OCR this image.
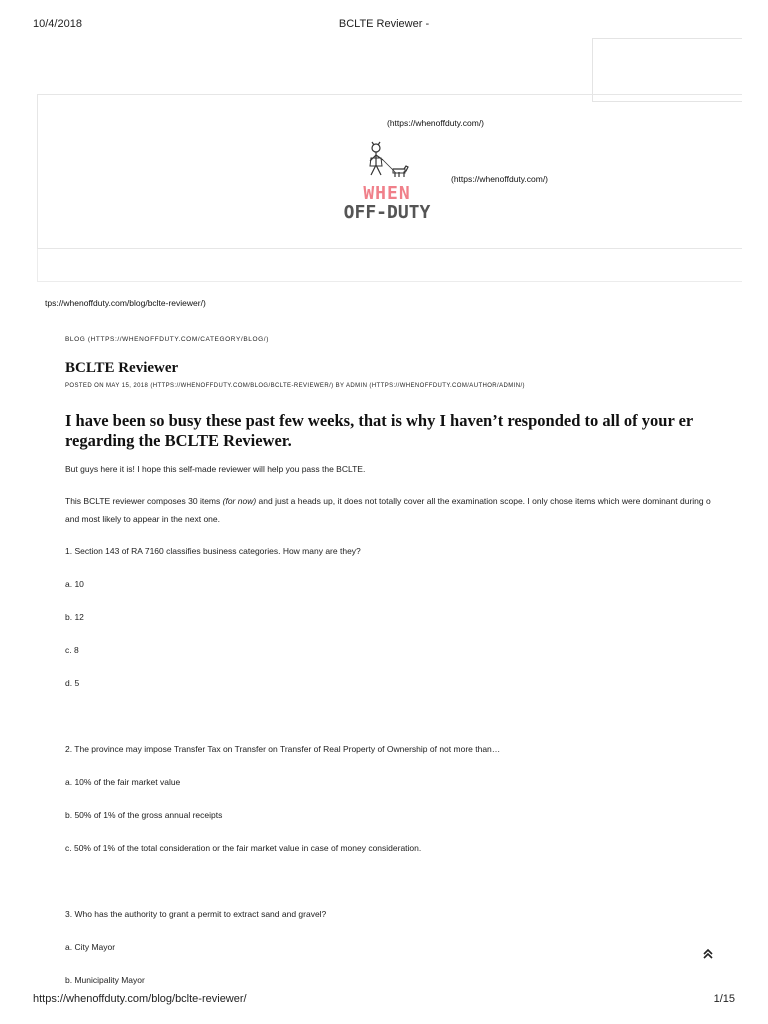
10/4/2018	BCLTE Reviewer -
(https://whenoffduty.com/)
WHEN
OFF-DUTY
(https://whenoffduty.com/)
tps://whenoffduty.com/blog/bclte-reviewer/)
BLOG (HTTPS://WHENOFFDUTY.COM/CATEGORY/BLOG/)
BCLTE Reviewer
POSTED ON MAY 15, 2018 (HTTPS://WHENOFFDUTY.COM/BLOG/BCLTE-REVIEWER/) BY ADMIN (HTTPS://WHENOFFDUTY.COM/AUTHOR/ADMIN/)
I have been so busy these past few weeks, that is why I haven’t responded to all of your er
regarding the BCLTE Reviewer.
But guys here it is! I hope this self-made reviewer will help you pass the BCLTE.
This BCLTE reviewer composes 30 items (for now) and just a heads up, it does not totally cover all the examination scope. I only chose items which were dominant during o
and most likely to appear in the next one.
1. Section 143 of RA 7160 classifies business categories. How many are they?
a. 10
b. 12
c. 8
d. 5
2. The province may impose Transfer Tax on Transfer on Transfer of Real Property of Ownership of not more than…
a. 10% of the fair market value
b. 50% of 1% of the gross annual receipts
c. 50% of 1% of the total consideration or the fair market value in case of money consideration.
3. Who has the authority to grant a permit to extract sand and gravel?
a. City Mayor
b. Municipality Mayor
https://whenoffduty.com/blog/bclte-reviewer/	1/15
